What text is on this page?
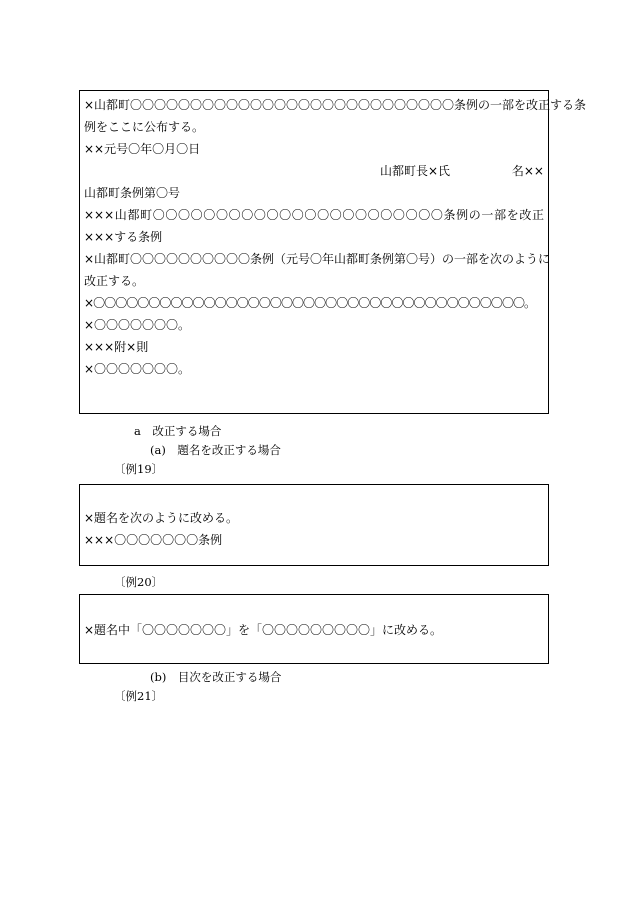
×山都町〇〇〇〇〇〇〇〇〇〇〇〇〇〇〇〇〇〇〇〇〇〇〇〇〇〇〇条例の一部を改正する条
例をここに公布する。
××元号〇年〇月〇日
山都町長×氏	名××
山都町条例第〇号
×××山都町〇〇〇〇〇〇〇〇〇〇〇〇〇〇〇〇〇〇〇〇〇〇〇条例の一部を改正
×××する条例
×山都町〇〇〇〇〇〇〇〇〇〇条例（元号〇年山都町条例第〇号）の一部を次のように
改正する。
×〇〇〇〇〇〇〇〇〇〇〇〇〇〇〇〇〇〇〇〇〇〇〇〇〇〇〇〇〇〇〇〇〇〇〇〇〇〇〇。
×〇〇〇〇〇〇〇。
×××附×則
×〇〇〇〇〇〇〇。
a　改正する場合
(a)　題名を改正する場合
〔例19〕
×題名を次のように改める。
×××〇〇〇〇〇〇〇条例
〔例20〕
×題名中「〇〇〇〇〇〇〇」を「〇〇〇〇〇〇〇〇〇」に改める。
(b)　目次を改正する場合
〔例21〕
